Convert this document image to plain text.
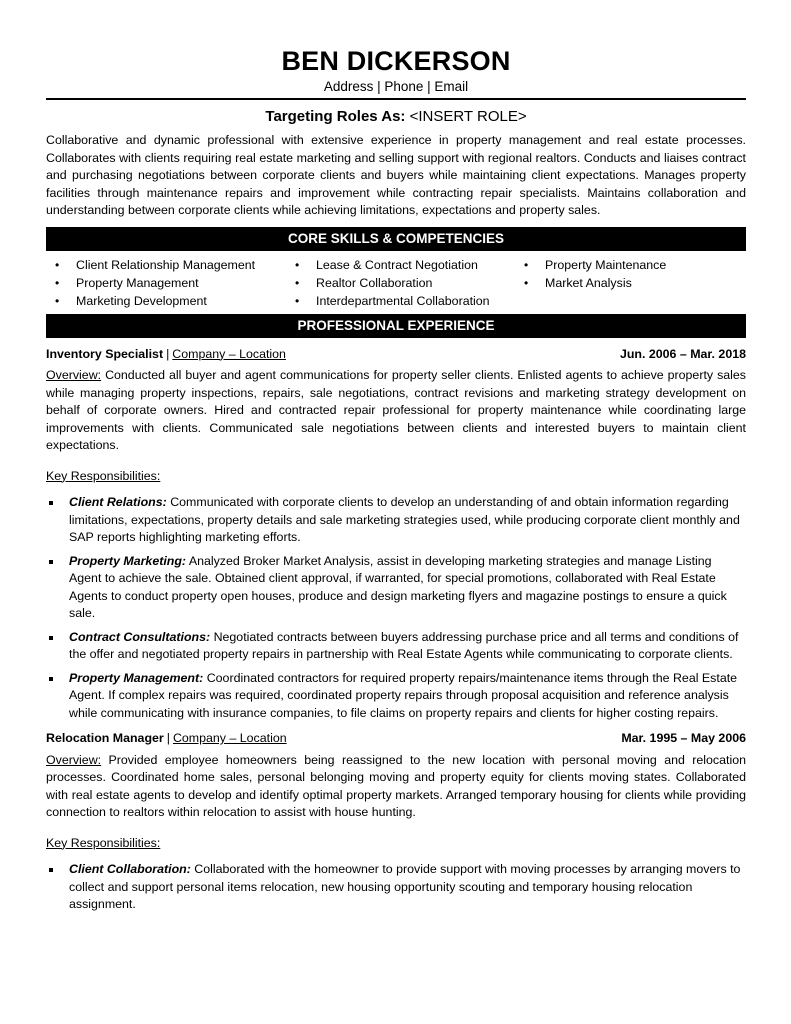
BEN DICKERSON
Address | Phone | Email
Targeting Roles As: <INSERT ROLE>

Collaborative and dynamic professional with extensive experience in property management and real estate processes. Collaborates with clients requiring real estate marketing and selling support with regional realtors. Conducts and liaises contract and purchasing negotiations between corporate clients and buyers while maintaining client expectations. Manages property facilities through maintenance repairs and improvement while contracting repair specialists. Maintains collaboration and understanding between corporate clients while achieving limitations, expectations and property sales.

CORE SKILLS & COMPETENCIES
• Client Relationship Management
• Property Management
• Marketing Development
• Lease & Contract Negotiation
• Realtor Collaboration
• Interdepartmental Collaboration
• Property Maintenance
• Market Analysis
PROFESSIONAL EXPERIENCE
Inventory Specialist | Company – Location	Jun. 2006 – Mar. 2018

Overview: Conducted all buyer and agent communications for property seller clients. Enlisted agents to achieve property sales while managing property inspections, repairs, sale negotiations, contract revisions and marketing strategy development on behalf of corporate owners. Hired and contracted repair professional for property maintenance while coordinating large improvements with clients. Communicated sale negotiations between clients and interested buyers to maintain client expectations.

Key Responsibilities:
Client Relations: Communicated with corporate clients to develop an understanding of and obtain information regarding limitations, expectations, property details and sale marketing strategies used, while producing corporate client monthly and SAP reports highlighting marketing efforts.
Property Marketing: Analyzed Broker Market Analysis, assist in developing marketing strategies and manage Listing Agent to achieve the sale. Obtained client approval, if warranted, for special promotions, collaborated with Real Estate Agents to conduct property open houses, produce and design marketing flyers and magazine postings to ensure a quick sale.
Contract Consultations: Negotiated contracts between buyers addressing purchase price and all terms and conditions of the offer and negotiated property repairs in partnership with Real Estate Agents while communicating to corporate clients.
Property Management: Coordinated contractors for required property repairs/maintenance items through the Real Estate Agent. If complex repairs was required, coordinated property repairs through proposal acquisition and reference analysis while communicating with insurance companies, to file claims on property repairs and clients for higher costing repairs.
Relocation Manager | Company – Location	Mar. 1995 – May 2006

Overview: Provided employee homeowners being reassigned to the new location with personal moving and relocation processes. Coordinated home sales, personal belonging moving and property equity for clients moving states. Collaborated with real estate agents to develop and identify optimal property markets. Arranged temporary housing for clients while providing connection to realtors within relocation to assist with house hunting.

Key Responsibilities:
Client Collaboration: Collaborated with the homeowner to provide support with moving processes by arranging movers to collect and support personal items relocation, new housing opportunity scouting and temporary housing relocation assignment.
